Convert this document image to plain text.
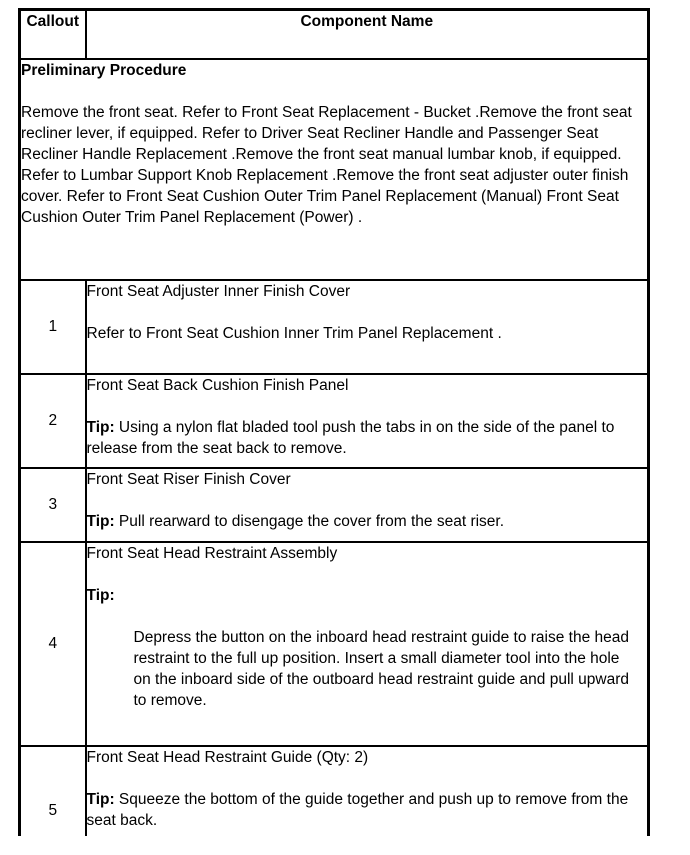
Callout	Component Name

Preliminary Procedure
Remove the front seat. Refer to Front Seat Replacement - Bucket .Remove the front seat recliner lever, if equipped. Refer to Driver Seat Recliner Handle and Passenger Seat Recliner Handle Replacement .Remove the front seat manual lumbar knob, if equipped. Refer to Lumbar Support Knob Replacement .Remove the front seat adjuster outer finish cover. Refer to Front Seat Cushion Outer Trim Panel Replacement (Manual) Front Seat Cushion Outer Trim Panel Replacement (Power) .	

1	Front Seat Adjuster Inner Finish Cover
Refer to Front Seat Cushion Inner Trim Panel Replacement .

2	Front Seat Back Cushion Finish Panel
Tip: Using a nylon flat bladed tool push the tabs in on the side of the panel to release from the seat back to remove.

3	Front Seat Riser Finish Cover
Tip: Pull rearward to disengage the cover from the seat riser.

4	Front Seat Head Restraint Assembly
Tip:
Depress the button on the inboard head restraint guide to raise the head restraint to the full up position. Insert a small diameter tool into the hole on the inboard side of the outboard head restraint guide and pull upward to remove.

5	Front Seat Head Restraint Guide (Qty: 2)
Tip: Squeeze the bottom of the guide together and push up to remove from the seat back.
